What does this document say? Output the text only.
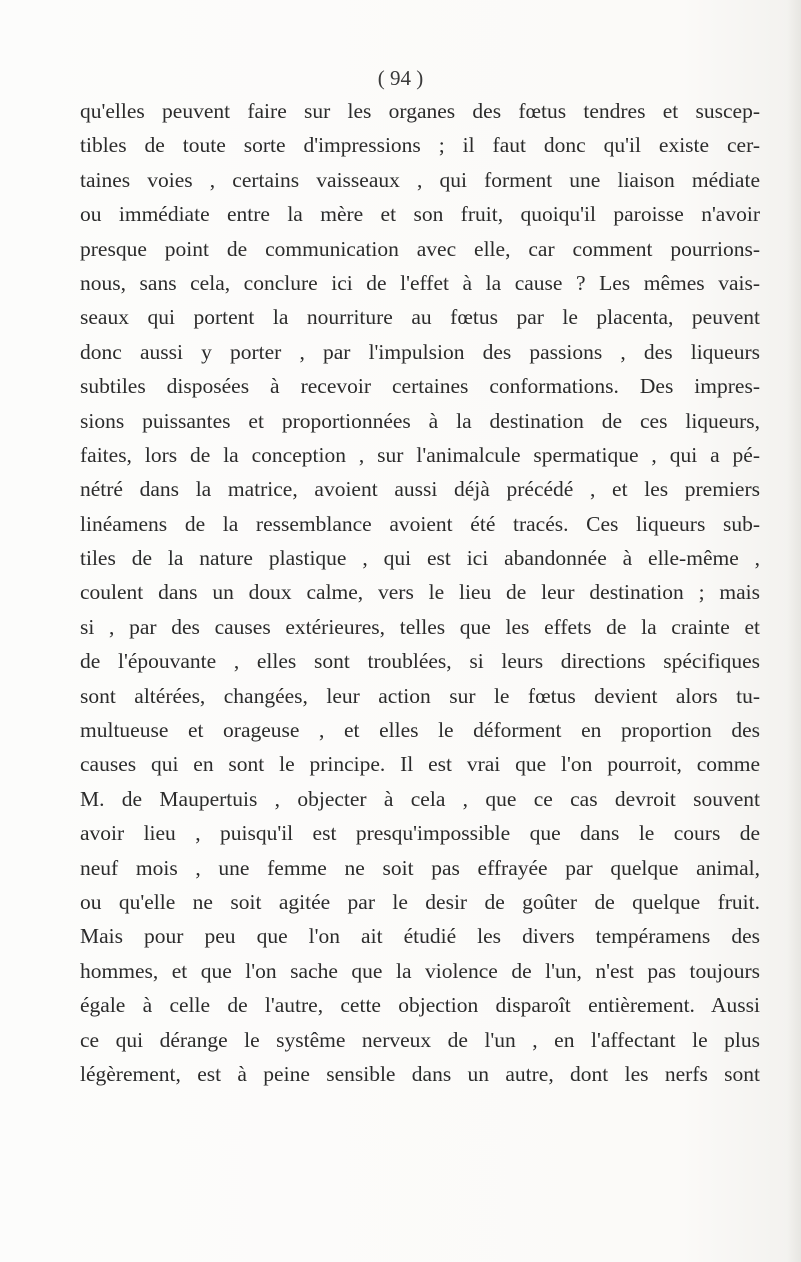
( 94 )
qu'elles peuvent faire sur les organes des fœtus tendres et suscep-
tibles de toute sorte d'impressions ; il faut donc qu'il existe cer-
taines voies , certains vaisseaux , qui forment une liaison médiate
ou immédiate entre la mère et son fruit, quoiqu'il paroisse n'avoir
presque point de communication avec elle, car comment pourrions-
nous, sans cela, conclure ici de l'effet à la cause ? Les mêmes vais-
seaux qui portent la nourriture au fœtus par le placenta, peuvent
donc aussi y porter , par l'impulsion des passions , des liqueurs
subtiles disposées à recevoir certaines conformations. Des impres-
sions puissantes et proportionnées à la destination de ces liqueurs,
faites, lors de la conception , sur l'animalcule spermatique , qui a pé-
nétré dans la matrice, avoient aussi déjà précédé , et les premiers
linéamens de la ressemblance avoient été tracés. Ces liqueurs sub-
tiles de la nature plastique , qui est ici abandonnée à elle-même ,
coulent dans un doux calme, vers le lieu de leur destination ; mais
si , par des causes extérieures, telles que les effets de la crainte et
de l'épouvante , elles sont troublées, si leurs directions spécifiques
sont altérées, changées, leur action sur le fœtus devient alors tu-
multueuse et orageuse , et elles le déforment en proportion des
causes qui en sont le principe. Il est vrai que l'on pourroit, comme
M. de Maupertuis , objecter à cela , que ce cas devroit souvent
avoir lieu , puisqu'il est presqu'impossible que dans le cours de
neuf mois , une femme ne soit pas effrayée par quelque animal,
ou qu'elle ne soit agitée par le desir de goûter de quelque fruit.
Mais pour peu que l'on ait étudié les divers tempéramens des
hommes, et que l'on sache que la violence de l'un, n'est pas toujours
égale à celle de l'autre, cette objection disparoît entièrement. Aussi
ce qui dérange le systême nerveux de l'un , en l'affectant le plus
légèrement, est à peine sensible dans un autre, dont les nerfs sont
